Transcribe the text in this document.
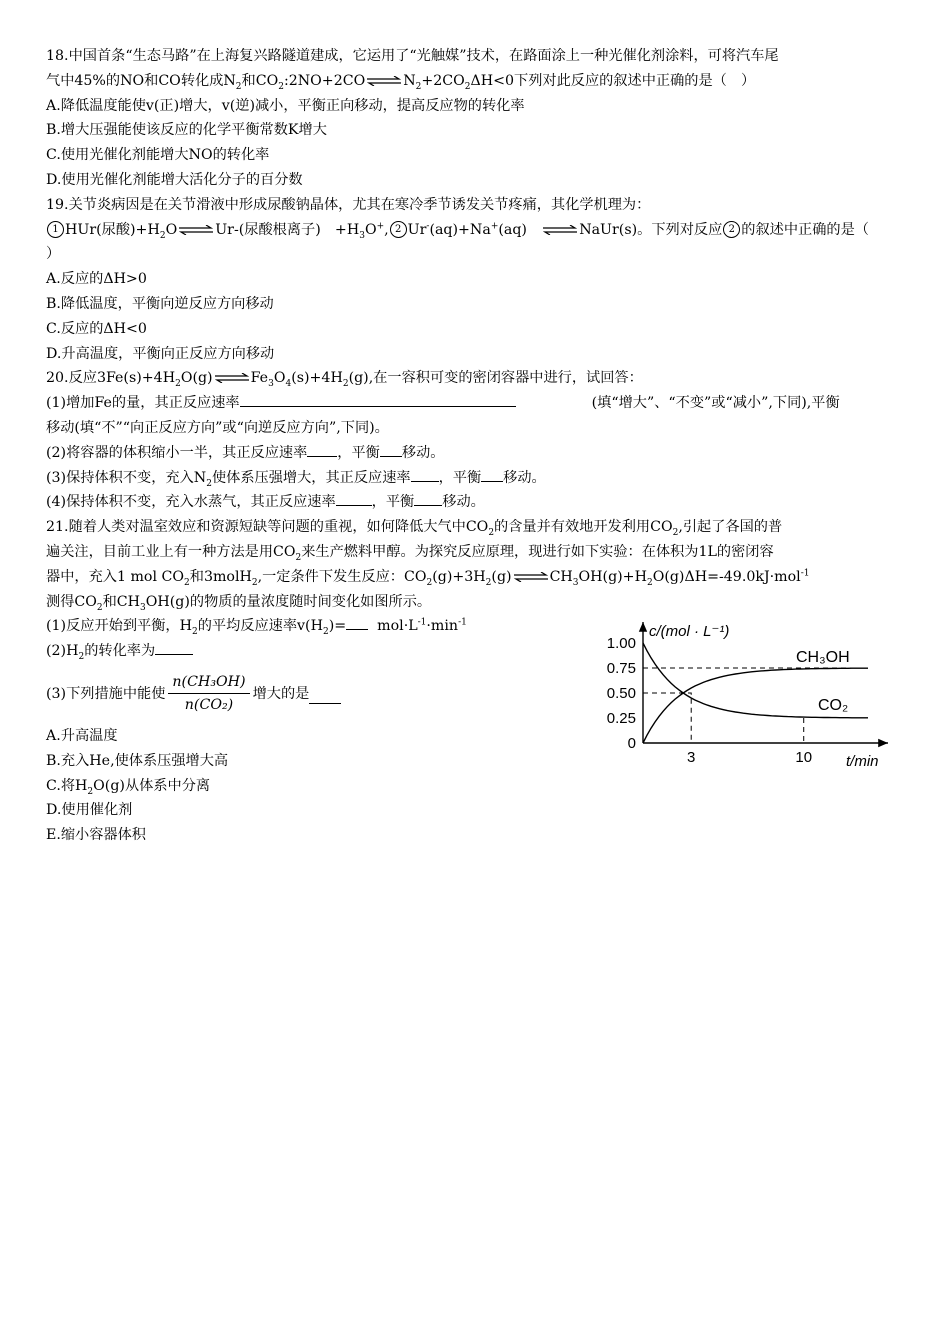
18.中国首条“生态马路”在上海复兴路隧道建成，它运用了“光触媒”技术，在路面涂上一种光催化剂涂料，可将汽车尾
气中45%的NO和CO转化成$N_2$和$CO_2:2NO+2CO$ ⇌ $N_2+2CO_2\Delta H<0$下列对此反应的叙述中正确的是（　）
A.降低温度能使v(正)增大，v(逆)减小，平衡正向移动，提高反应物的转化率
B.增大压强能使该反应的化学平衡常数K增大
C.使用光催化剂能增大NO的转化率
D.使用光催化剂能增大活化分子的百分数
19.关节炎病因是在关节滑液中形成尿酸钠晶体，尤其在寒冷季节诱发关节疼痛，其化学机理为：
1 HUr(尿酸)$+H_2O$ ⇌ Ur-(尿酸根离子)　$+H_3O^+$, 2 Ur-(aq)+Na+(aq)　 ⇌ NaUr(s)。下列对反应 2 的叙述中正确的是（
）
A.反应的ΔH>0
B.降低温度，平衡向逆反应方向移动
C.反应的ΔH<0
D.升高温度，平衡向正反应方向移动
20.反应$3Fe(s)+4H_2O(g)$ ⇌ $Fe_3O_4(s)+4H_2(g)$,在一容积可变的密闭容器中进行，试回答：
(1)增加Fe的量，其正反应速率	(填“增大”、“不变”或“减小”,下同),平衡
移动(填“不”“向正反应方向”或“向逆反应方向”,下同)。
(2)将容器的体积缩小一半，其正反应速率 ，平衡 移动。
(3)保持体积不变，充入$N_2$使体系压强增大，其正反应速率 ，平衡 移动。
(4)保持体积不变，充入水蒸气，其正反应速率	，平衡 移动。
21.随着人类对温室效应和资源短缺等问题的重视，如何降低大气中$CO_2$的含量并有效地开发利用$CO_2$,引起了各国的普
遍关注，目前工业上有一种方法是用$CO_2$来生产燃料甲醇。为探究反应原理，现进行如下实验：在体积为1L的密闭容
器中，充入1 mol $CO_2$和3molH$_2$,一定条件下发生反应：$CO_2(g)+3H_2(g)$ ⇌ $CH_3OH(g)+H_2O(g)\Delta H=-49.0kJ\cdot mol^{-1}$
测得$CO_2$和$CH_3OH(g)$的物质的量浓度随时间变化如图所示。
(1)反应开始到平衡，$H_2$的平均反应速率$v(H_2)= mol\cdot L^{-1}\cdot\min^{-1}$
$(2)H_2$的转化率为
(3)下列措施中能使 $\frac{\text{n(CH₃OH)}}{\text{n(CO₂)}}$ 增大的是
A.升高温度
B.充入He,使体系压强增大高
C.将$H_2O(g)$从体系中分离
D.使用催化剂
E.缩小容器体积
c/(mol · L⁻¹)
t/min
1.00
0.75
0.50
0.25
0
3	10
CH₃OH
CO₂
